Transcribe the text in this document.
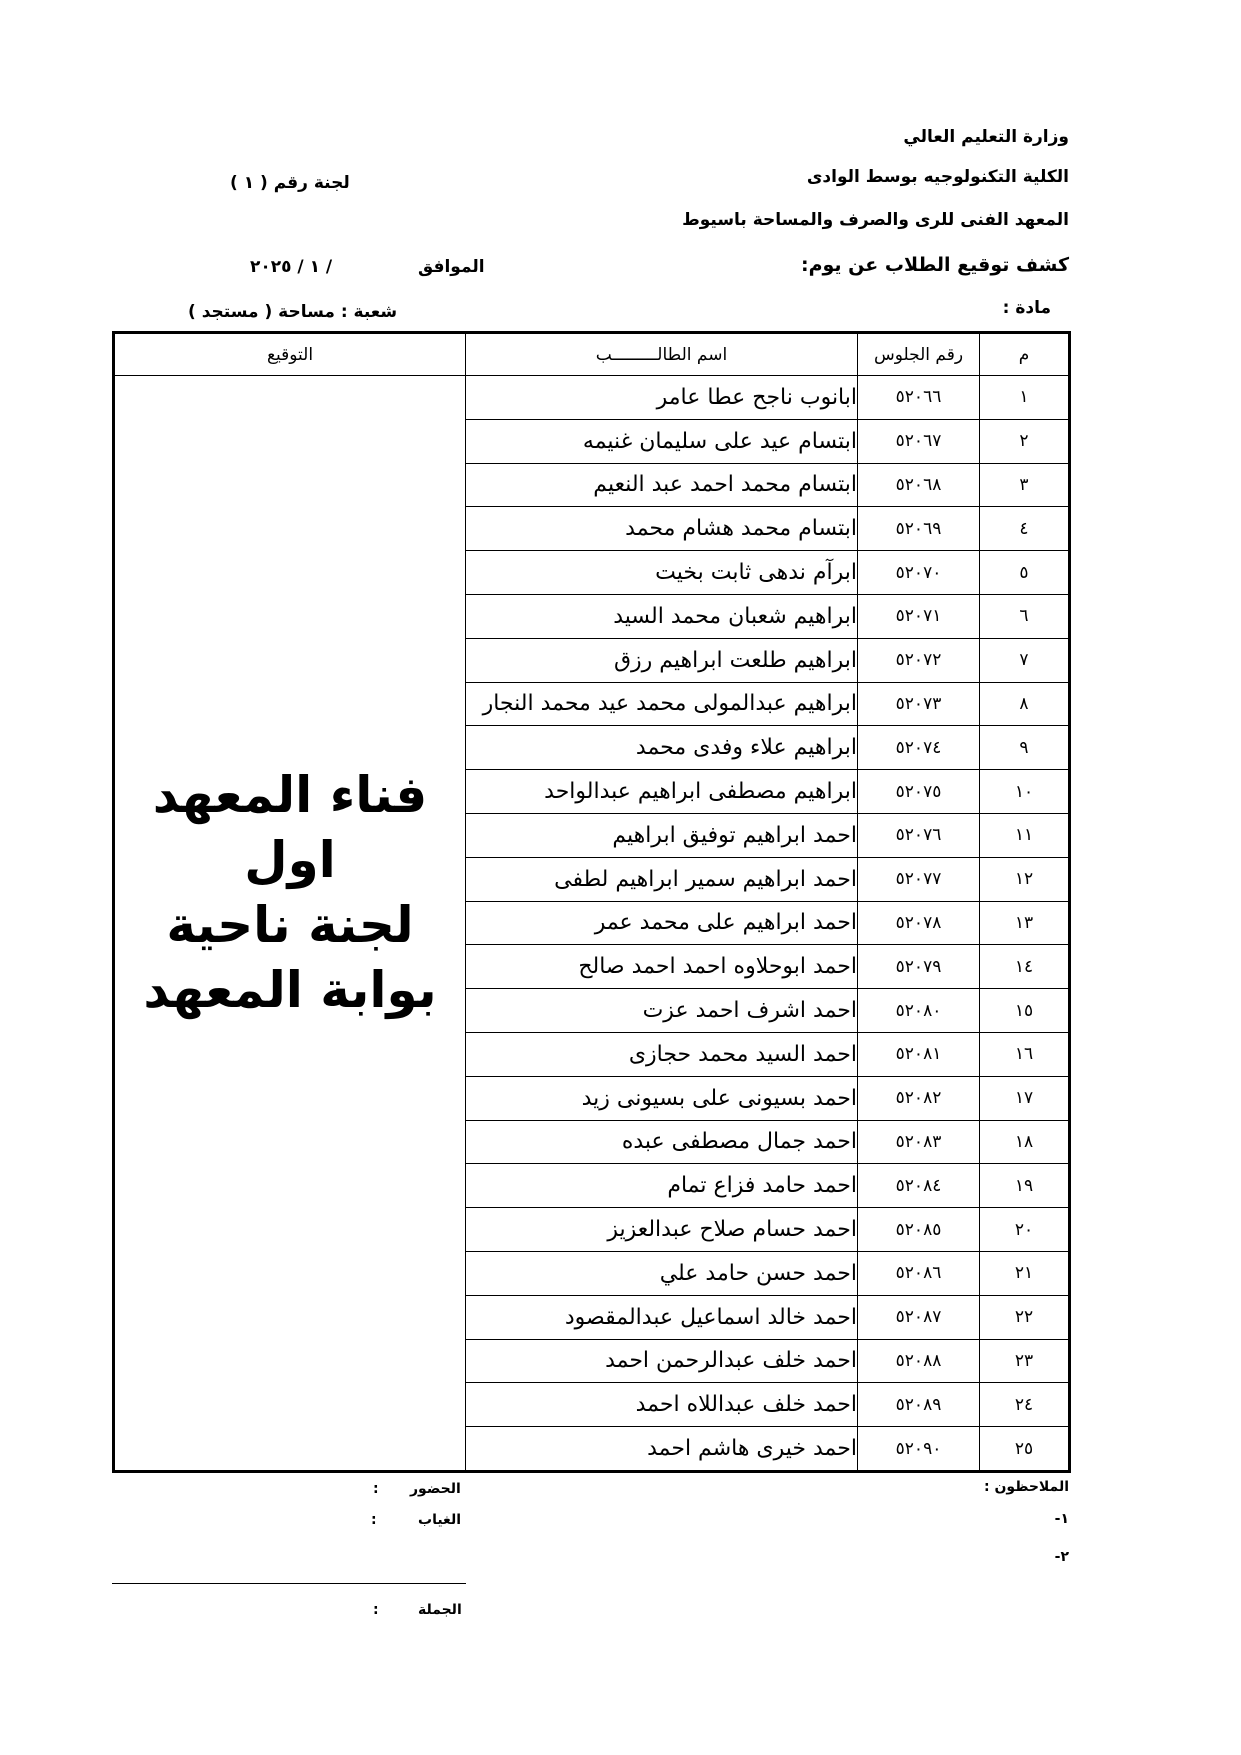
وزارة التعليم العالي
الكلية التكنولوجيه بوسط الوادى
المعهد الفنى للرى والصرف والمساحة باسيوط
كشف توقيع الطلاب عن يوم:
مادة :
لجنة رقم ( ١ )
الموافق
/ ١ / ٢٠٢٥
شعبة : مساحة ( مستجد )
م	رقم الجلوس	اسم الطالـــــــــب	التوقيع
١	٥٢٠٦٦	ابانوب ناجح عطا عامر	فناء المعهد اول
لجنة ناحية
بوابة المعهد

٢	٥٢٠٦٧	ابتسام عيد على سليمان غنيمه	
٣	٥٢٠٦٨	ابتسام محمد احمد عبد النعيم	
٤	٥٢٠٦٩	ابتسام محمد هشام محمد	
٥	٥٢٠٧٠	ابرآم ندهى ثابت بخيت	
٦	٥٢٠٧١	ابراهيم شعبان محمد السيد	
٧	٥٢٠٧٢	ابراهيم طلعت ابراهيم رزق	
٨	٥٢٠٧٣	ابراهيم عبدالمولى محمد عيد محمد النجار	
٩	٥٢٠٧٤	ابراهيم علاء وفدى محمد	
١٠	٥٢٠٧٥	ابراهيم مصطفى ابراهيم عبدالواحد	
١١	٥٢٠٧٦	احمد ابراهيم توفيق ابراهيم	
١٢	٥٢٠٧٧	احمد ابراهيم سمير ابراهيم لطفى	
١٣	٥٢٠٧٨	احمد ابراهيم على محمد عمر	
١٤	٥٢٠٧٩	احمد ابوحلاوه احمد احمد صالح	
١٥	٥٢٠٨٠	احمد اشرف احمد عزت	
١٦	٥٢٠٨١	احمد السيد محمد حجازى	
١٧	٥٢٠٨٢	احمد بسيونى على بسيونى زيد	
١٨	٥٢٠٨٣	احمد جمال مصطفى عبده	
١٩	٥٢٠٨٤	احمد حامد فزاع تمام	
٢٠	٥٢٠٨٥	احمد حسام صلاح عبدالعزيز	
٢١	٥٢٠٨٦	احمد حسن حامد علي	
٢٢	٥٢٠٨٧	احمد خالد اسماعيل عبدالمقصود	
٢٣	٥٢٠٨٨	احمد خلف عبدالرحمن احمد	
٢٤	٥٢٠٨٩	احمد خلف عبداللاه احمد	
٢٥	٥٢٠٩٠	احمد خيرى هاشم احمد	
الملاحظون :
١-
٢-
الحضور
:
الغياب
:
الجملة
:
